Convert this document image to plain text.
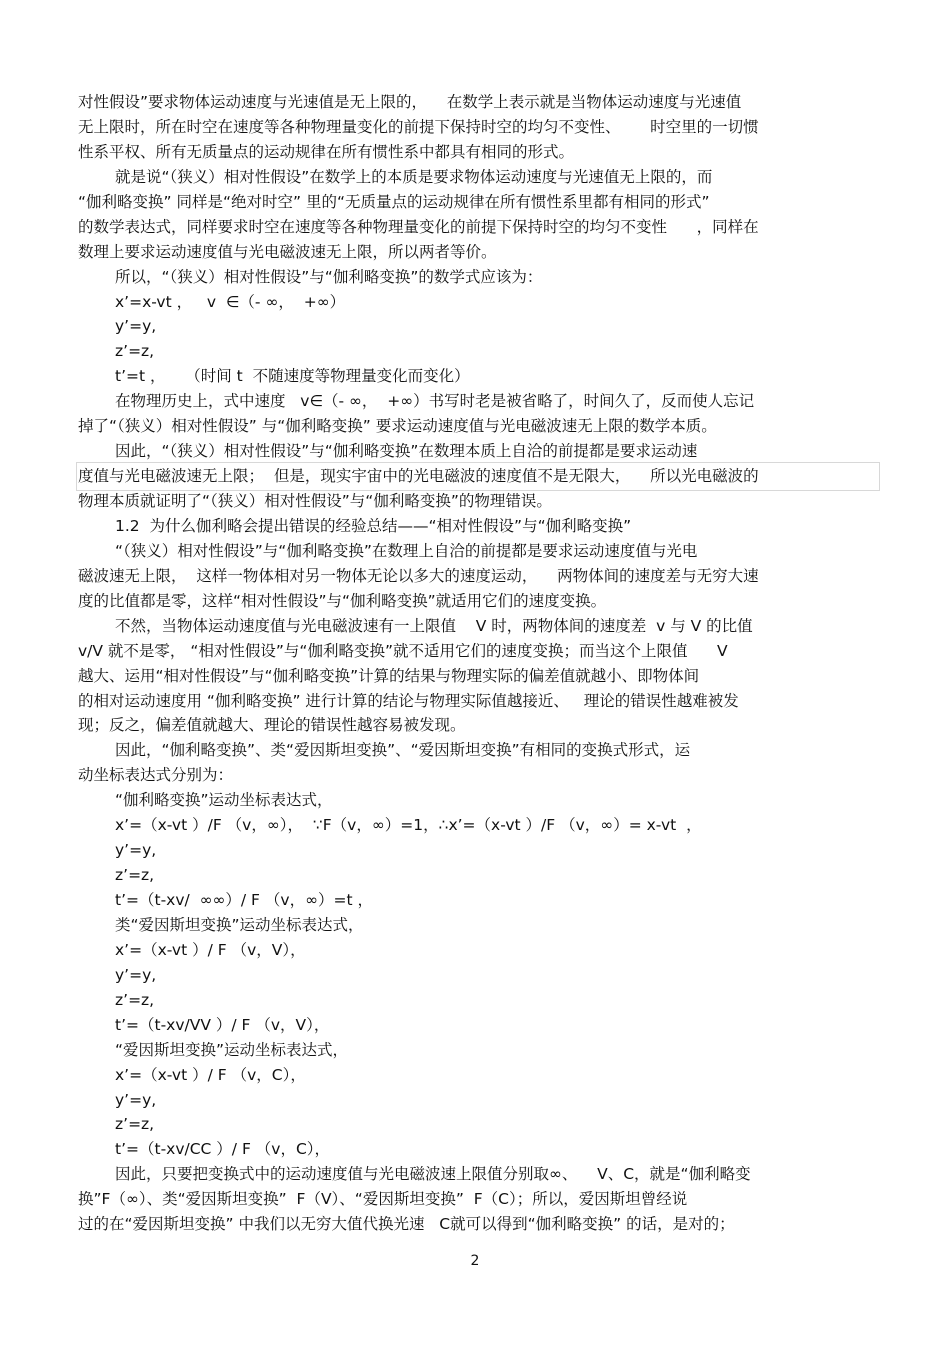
对性假设”要求物体运动速度与光速值是无上限的，    在数学上表示就是当物体运动速度与光速值
无上限时，所在时空在速度等各种物理量变化的前提下保持时空的均匀不变性、      时空里的一切惯
性系平权、所有无质量点的运动规律在所有惯性系中都具有相同的形式。
就是说“（狭义）相对性假设”在数学上的本质是要求物体运动速度与光速值无上限的，而
“伽利略变换” 同样是“绝对时空” 里的“无质量点的运动规律在所有惯性系里都有相同的形式”
的数学表达式，同样要求时空在速度等各种物理量变化的前提下保持时空的均匀不变性      ，同样在
数理上要求运动速度值与光电磁波速无上限，所以两者等价。
所以，“（狭义）相对性假设”与“伽利略变换”的数学式应该为：
x’=x-vt ，   v  ∈（- ∞，  +∞）
y’=y,
z’=z,
t’=t ，    （时间 t  不随速度等物理量变化而变化）
在物理历史上，式中速度   v∈（- ∞，  +∞）书写时老是被省略了，时间久了，反而使人忘记
掉了“（狭义）相对性假设” 与“伽利略变换” 要求运动速度值与光电磁波速无上限的数学本质。
因此，“（狭义）相对性假设”与“伽利略变换”在数理本质上自洽的前提都是要求运动速
度值与光电磁波速无上限；  但是，现实宇宙中的光电磁波的速度值不是无限大，    所以光电磁波的
物理本质就证明了“（狭义）相对性假设”与“伽利略变换”的物理错误。
1.2  为什么伽利略会提出错误的经验总结——“相对性假设”与“伽利略变换”
“（狭义）相对性假设”与“伽利略变换”在数理上自洽的前提都是要求运动速度值与光电
磁波速无上限，  这样一物体相对另一物体无论以多大的速度运动，    两物体间的速度差与无穷大速
度的比值都是零，这样“相对性假设”与“伽利略变换”就适用它们的速度变换。
不然，当物体运动速度值与光电磁波速有一上限值    V 时，两物体间的速度差  v 与 V 的比值
v/V 就不是零， “相对性假设”与“伽利略变换”就不适用它们的速度变换；而当这个上限值      V
越大、运用“相对性假设”与“伽利略变换”计算的结果与物理实际的偏差值就越小、即物体间
的相对运动速度用 “伽利略变换” 进行计算的结论与物理实际值越接近、   理论的错误性越难被发
现；反之，偏差值就越大、理论的错误性越容易被发现。
因此，“伽利略变换”、类“爱因斯坦变换”、“爱因斯坦变换”有相同的变换式形式，运
动坐标表达式分别为：
“伽利略变换”运动坐标表达式，
x’=（x-vt ）/F （v，∞），  ∵F（v，∞）=1，∴x’=（x-vt ）/F （v，∞）= x-vt  ，
y’=y,
z’=z,
t’=（t-xv/  ∞∞）/ F （v，∞）=t ，
类“爱因斯坦变换”运动坐标表达式，
x’=（x-vt ）/ F （v，V），
y’=y,
z’=z,
t’=（t-xv/VV ）/ F （v，V），
“爱因斯坦变换”运动坐标表达式，
x’=（x-vt ）/ F （v，C），
y’=y,
z’=z,
t’=（t-xv/CC ）/ F （v，C），
因此，只要把变换式中的运动速度值与光电磁波速上限值分别取∞、    V、C，就是“伽利略变
换”F（∞）、类“爱因斯坦变换”  F（V）、“爱因斯坦变换”  F（C）；所以，爱因斯坦曾经说
过的在“爱因斯坦变换” 中我们以无穷大值代换光速   C就可以得到“伽利略变换” 的话，是对的；
2
